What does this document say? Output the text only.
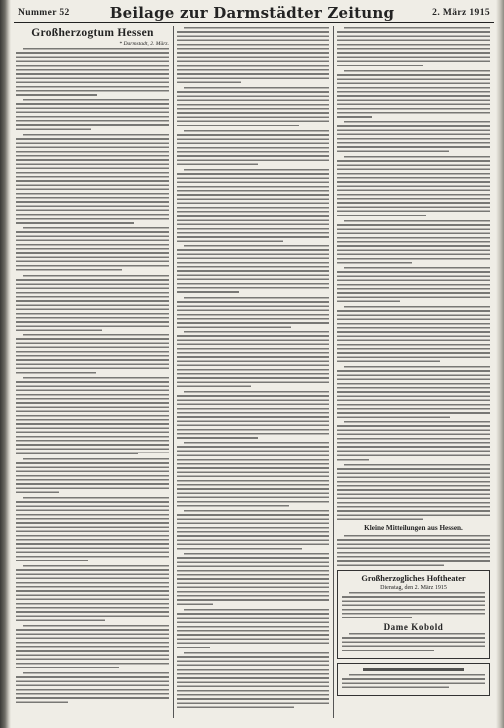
Nummer 52	Beilage zur Darmstädter Zeitung	2. März 1915
Großherzogtum Hessen
* Darmstadt, 2. März.
Kleine Mitteilungen aus Hessen.
Großherzogliches Hoftheater
Dienstag, den 2. März 1915
Dame Kobold
